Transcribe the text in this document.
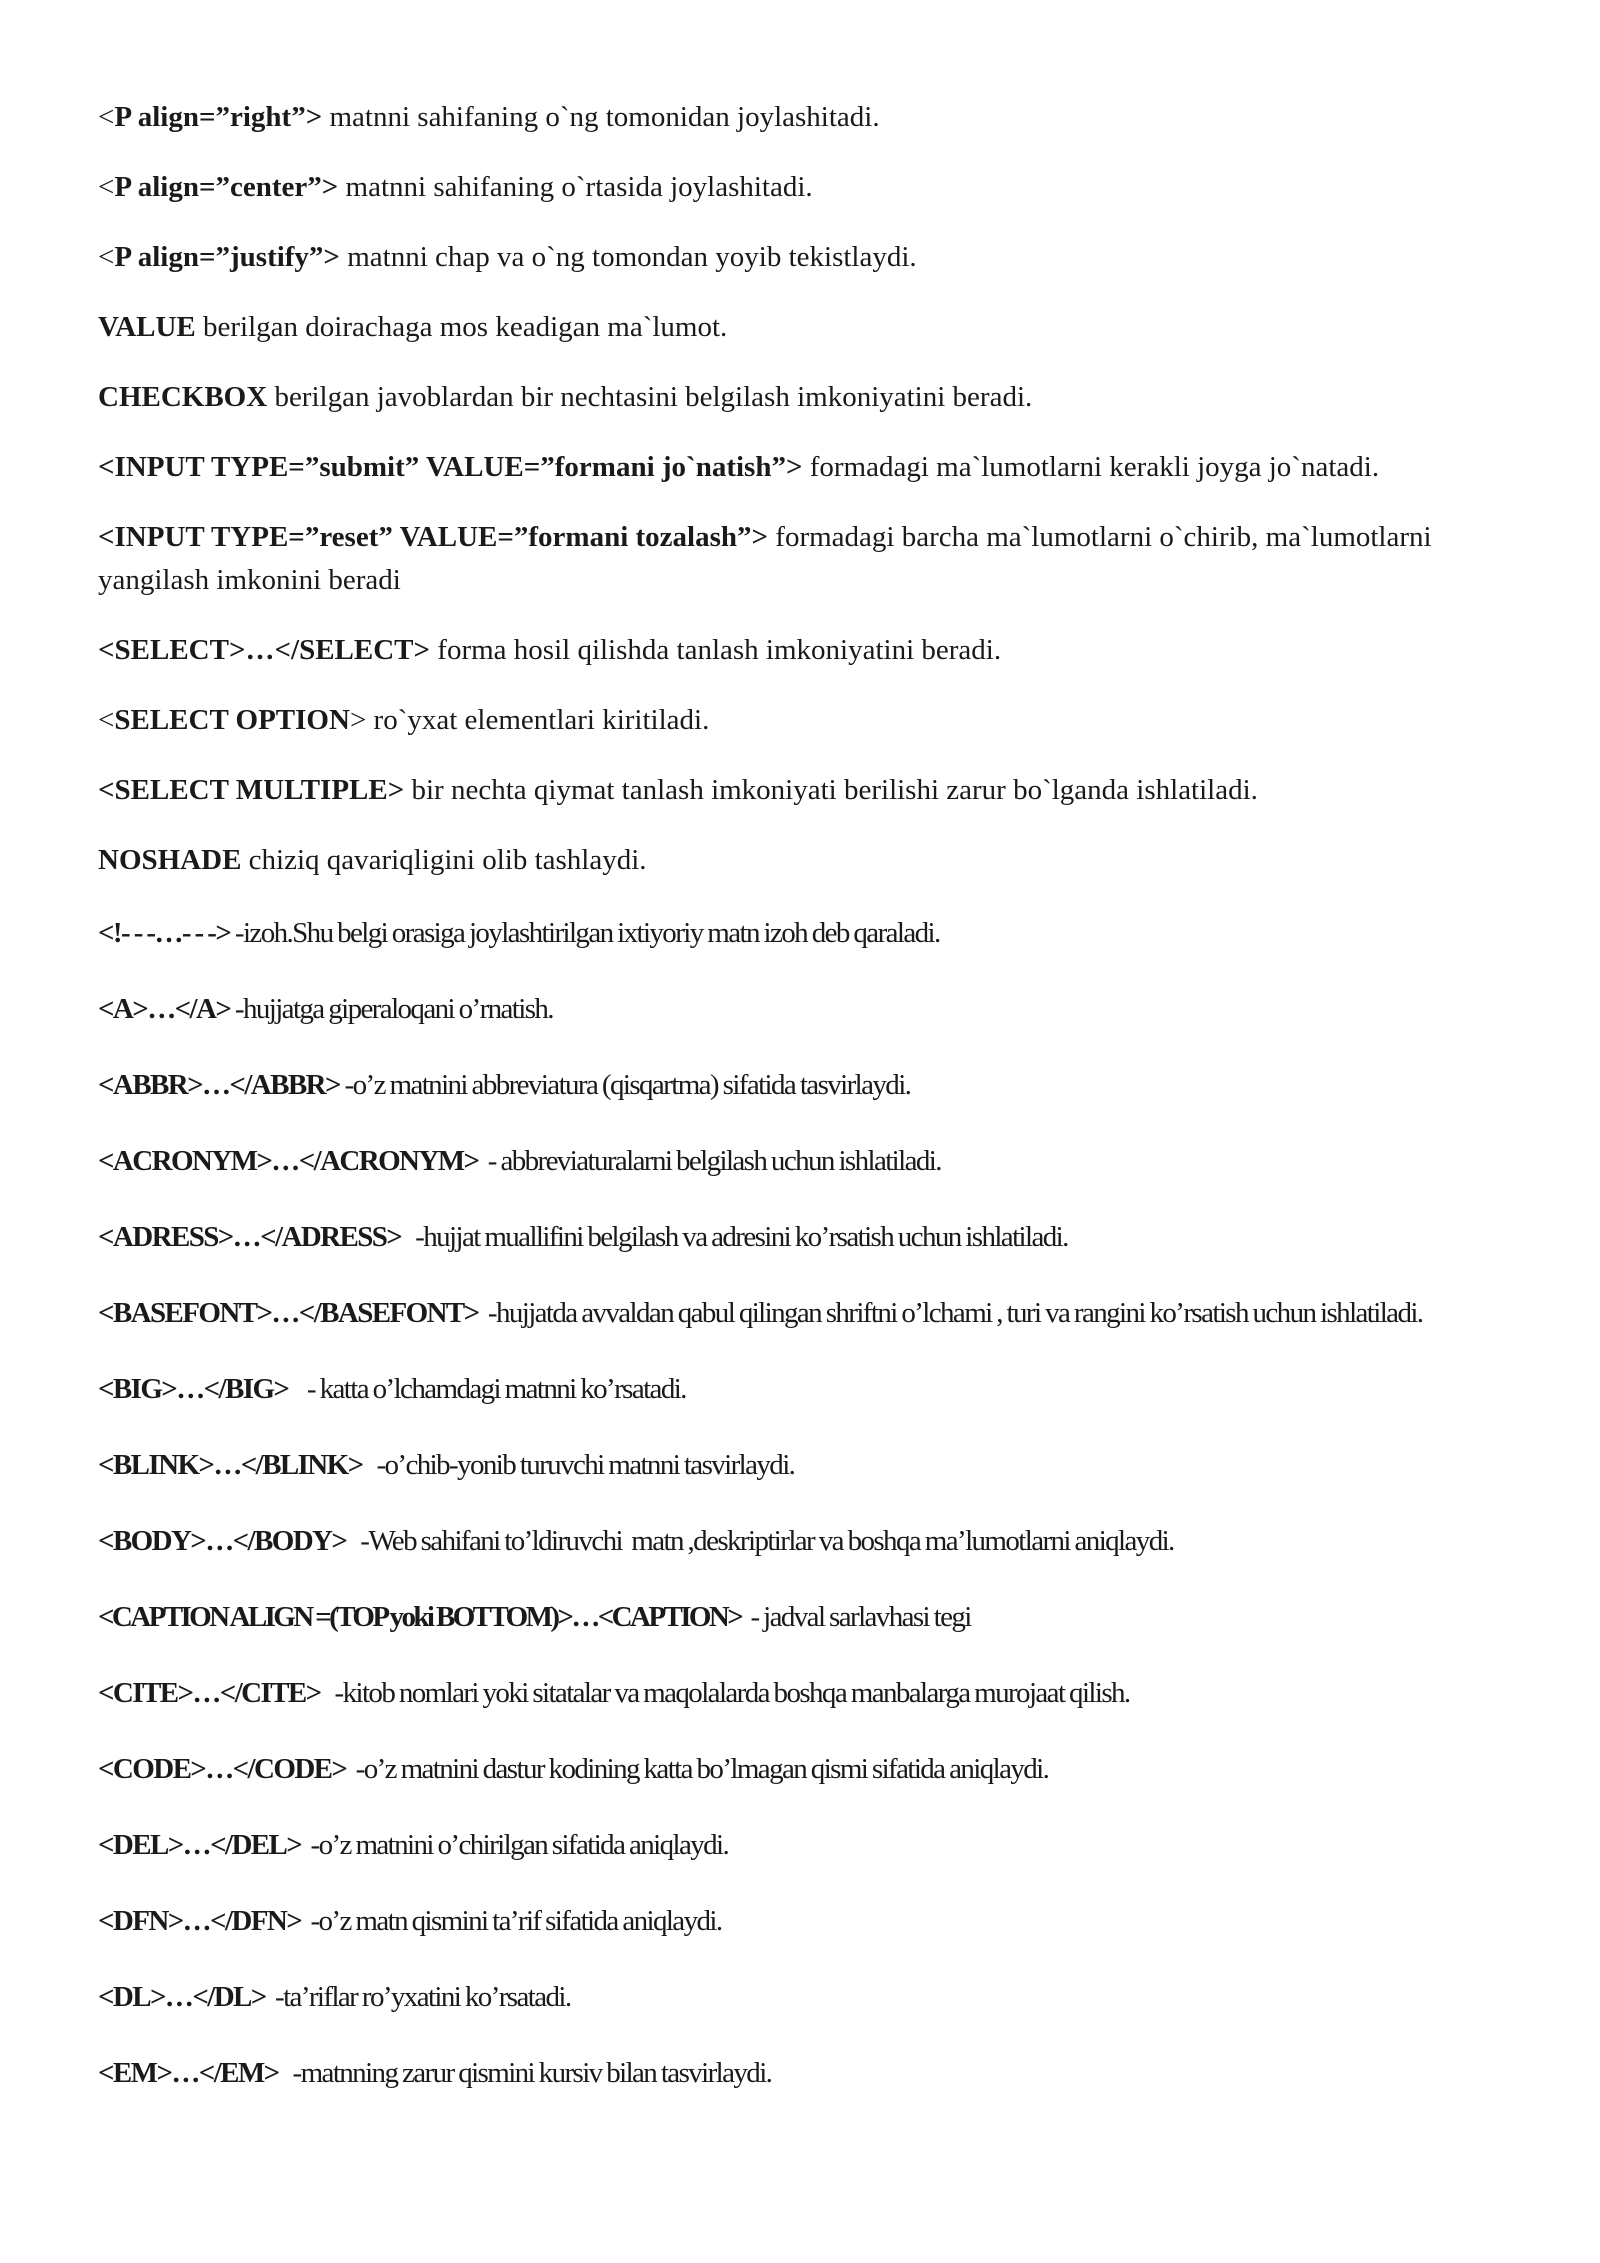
<P align=”right”> matnni sahifaning o`ng tomonidan joylashitadi.

<P align=”center”> matnni sahifaning o`rtasida joylashitadi.

<P align=”justify”> matnni chap va o`ng tomondan yoyib tekistlaydi.

VALUE berilgan doirachaga mos keadigan ma`lumot.

CHECKBOX berilgan javoblardan bir nechtasini belgilash imkoniyatini beradi.

<INPUT TYPE=”submit” VALUE=”formani jo`natish”> formadagi ma`lumotlarni kerakli joyga jo`natadi.

<INPUT TYPE=”reset” VALUE=”formani tozalash”> formadagi barcha ma`lumotlarni o`chirib, ma`lumotlarni yangilash imkonini beradi

<SELECT>…</SELECT> forma hosil qilishda tanlash imkoniyatini beradi.

<SELECT OPTION> ro`yxat elementlari kiritiladi.

<SELECT MULTIPLE> bir nechta qiymat tanlash imkoniyati berilishi zarur bo`lganda ishlatiladi.

NOSHADE chiziq qavariqligini olib tashlaydi.

<!- - -…- - -> -izoh.Shu belgi orasiga joylashtirilgan ixtiyoriy matn izoh deb qaraladi.

<A>…</A> -hujjatga giperaloqani o’rnatish.

<ABBR>…</ABBR> -o’z matnini abbreviatura (qisqartma) sifatida tasvirlaydi.

<ACRONYM>…</ACRONYM>  - abbreviaturalarni belgilash uchun ishlatiladi.

<ADRESS>…</ADRESS>   -hujjat muallifini belgilash va adresini ko’rsatish uchun ishlatiladi.

<BASEFONT>…</BASEFONT>  -hujjatda avvaldan qabul qilingan shriftni o’lchami , turi va rangini ko’rsatish uchun ishlatiladi.

<BIG>…</BIG>    - katta o’lchamdagi matnni ko’rsatadi.

<BLINK>…</BLINK>   -o’chib-yonib turuvchi matnni tasvirlaydi.

<BODY>…</BODY>   -Web sahifani to’ldiruvchi  matn ,deskriptirlar va boshqa ma’lumotlarni aniqlaydi.

<CAPTION ALIGN =(TOP yoki BOTTOM)>…<CAPTION>  - jadval sarlavhasi tegi

<CITE>…</CITE>   -kitob nomlari yoki sitatalar va maqolalarda boshqa manbalarga murojaat qilish.

<CODE>…</CODE>  -o’z matnini dastur kodining katta bo’lmagan qismi sifatida aniqlaydi.

<DEL>…</DEL>  -o’z matnini o’chirilgan sifatida aniqlaydi.

<DFN>…</DFN>  -o’z matn qismini ta’rif sifatida aniqlaydi.

<DL>…</DL>  -ta’riflar ro’yxatini ko’rsatadi.

<EM>…</EM>   -matnning zarur qismini kursiv bilan tasvirlaydi.
